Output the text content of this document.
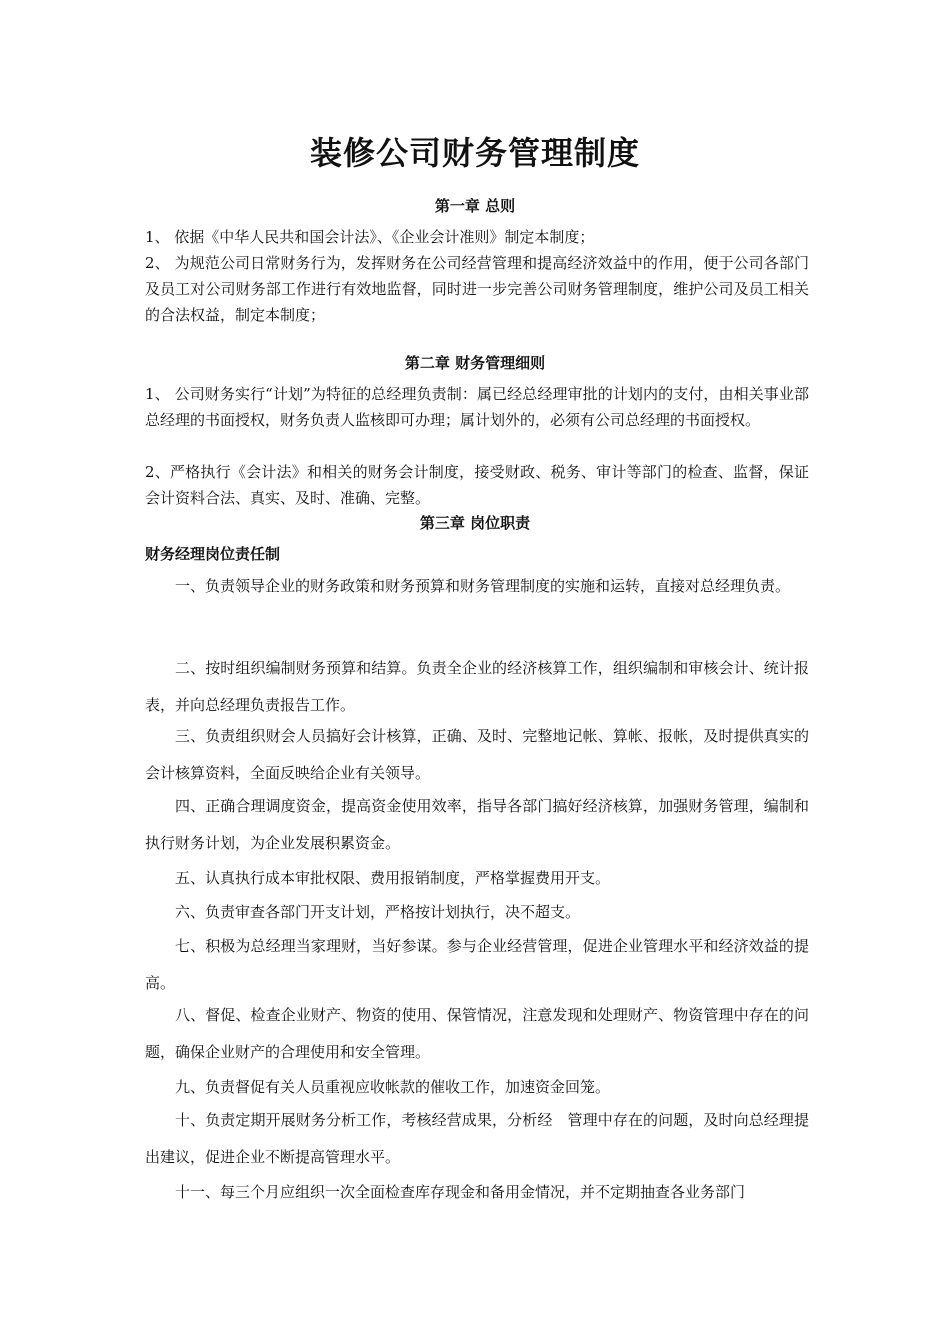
装修公司财务管理制度
第一章 总则

1、 依据《中华人民共和国会计法》、《企业会计准则》制定本制度；

2、 为规范公司日常财务行为，发挥财务在公司经营管理和提高经济效益中的作用，便于公司各部门及员工对公司财务部工作进行有效地监督，同时进一步完善公司财务管理制度，维护公司及员工相关的合法权益，制定本制度；

第二章 财务管理细则

1、 公司财务实行“计划”为特征的总经理负责制：属已经总经理审批的计划内的支付，由相关事业部总经理的书面授权，财务负责人监核即可办理；属计划外的，必须有公司总经理的书面授权。

2、严格执行《会计法》和相关的财务会计制度，接受财政、税务、审计等部门的检查、监督，保证会计资料合法、真实、及时、准确、完整。

第三章 岗位职责
财务经理岗位责任制

一、负责领导企业的财务政策和财务预算和财务管理制度的实施和运转，直接对总经理负责。

二、按时组织编制财务预算和结算。负责全企业的经济核算工作，组织编制和审核会计、统计报表，并向总经理负责报告工作。

三、负责组织财会人员搞好会计核算，正确、及时、完整地记帐、算帐、报帐，及时提供真实的会计核算资料，全面反映给企业有关领导。

四、正确合理调度资金，提高资金使用效率，指导各部门搞好经济核算，加强财务管理，编制和执行财务计划，为企业发展积累资金。

五、认真执行成本审批权限、费用报销制度，严格掌握费用开支。

六、负责审查各部门开支计划，严格按计划执行，决不超支。

七、积极为总经理当家理财，当好参谋。参与企业经营管理，促进企业管理水平和经济效益的提高。

八、督促、检查企业财产、物资的使用、保管情况，注意发现和处理财产、物资管理中存在的问题，确保企业财产的合理使用和安全管理。

九、负责督促有关人员重视应收帐款的催收工作，加速资金回笼。

十、负责定期开展财务分析工作，考核经营成果，分析经　管理中存在的问题，及时向总经理提出建议，促进企业不断提高管理水平。

十一、每三个月应组织一次全面检查库存现金和备用金情况，并不定期抽查各业务部门
